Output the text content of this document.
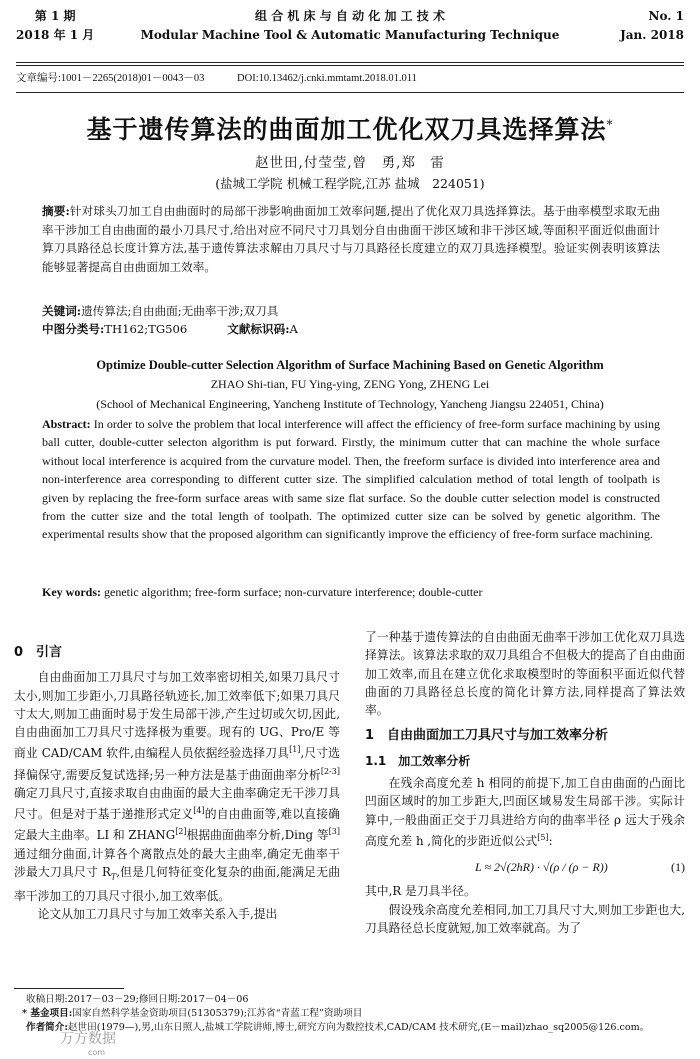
第 1 期
2018 年 1 月
组 合 机 床 与 自 动 化 加 工 技 术
Modular Machine Tool & Automatic Manufacturing Technique
No. 1
Jan. 2018
文章编号:1001－2265(2018)01－0043－03	DOI:10.13462/j.cnki.mmtamt.2018.01.011
基于遗传算法的曲面加工优化双刀具选择算法*
赵世田,付莹莹,曾　勇,郑　雷
(盐城工学院 机械工程学院,江苏 盐城　224051)
摘要:针对球头刀加工自由曲面时的局部干涉影响曲面加工效率问题,提出了优化双刀具选择算法。基于曲率模型求取无曲率干涉加工自由曲面的最小刀具尺寸,给出对应不同尺寸刀具划分自由曲面干涉区域和非干涉区域,等面积平面近似曲面计算刀具路径总长度计算方法,基于遗传算法求解由刀具尺寸与刀具路径长度建立的双刀具选择模型。验证实例表明该算法能够显著提高自由曲面加工效率。
关键词:遗传算法;自由曲面;无曲率干涉;双刀具
中图分类号:TH162;TG506	文献标识码:A
Optimize Double-cutter Selection Algorithm of Surface Machining Based on Genetic Algorithm
ZHAO Shi-tian, FU Ying-ying, ZENG Yong, ZHENG Lei
(School of Mechanical Engineering, Yancheng Institute of Technology, Yancheng Jiangsu 224051, China)
Abstract: In order to solve the problem that local interference will affect the efficiency of free-form surface machining by using ball cutter, double-cutter selecton algorithm is put forward. Firstly, the minimum cutter that can machine the whole surface without local interference is acquired from the curvature model. Then, the freeform surface is divided into interference area and non-interference area corresponding to different cutter size. The simplified calculation method of total length of toolpath is given by replacing the free-form surface areas with same size flat surface. So the double cutter selection model is constructed from the cutter size and the total length of toolpath. The optimized cutter size can be solved by genetic algorithm. The experimental results show that the proposed algorithm can significantly improve the efficiency of free-form surface machining.
Key words: genetic algorithm; free-form surface; non-curvature interference; double-cutter
0　引言

自由曲面加工刀具尺寸与加工效率密切相关,如果刀具尺寸太小,则加工步距小,刀具路径轨迹长,加工效率低下;如果刀具尺寸太大,则加工曲面时易于发生局部干涉,产生过切或欠切,因此,自由曲面加工刀具尺寸选择极为重要。现有的 UG、Pro/E 等商业 CAD/CAM 软件,由编程人员依据经验选择刀具[1],尺寸选择偏保守,需要反复试选择;另一种方法是基于曲面曲率分析[2-3]确定刀具尺寸,直接求取自由曲面的最大主曲率确定无干涉刀具尺寸。但是对于基于递推形式定义[4]的自由曲面等,难以直接确定最大主曲率。LI 和 ZHANG[2]根据曲面曲率分析,Ding 等[3]通过细分曲面,计算各个离散点处的最大主曲率,确定无曲率干涉最大刀具尺寸 $R_T$,但是几何特征变化复杂的曲面,能满足无曲率干涉加工的刀具尺寸很小,加工效率低。

论文从加工刀具尺寸与加工效率关系入手,提出

了一种基于遗传算法的自由曲面无曲率干涉加工优化双刀具选择算法。该算法求取的双刀具组合不但极大的提高了自由曲面加工效率,而且在建立优化求取模型时的等面积平面近似代替曲面的刀具路径总长度的简化计算方法,同样提高了算法效率。

1　自由曲面加工刀具尺寸与加工效率分析
1.1　加工效率分析

在残余高度允差 h 相同的前提下,加工自由曲面的凸面比凹面区域时的加工步距大,凹面区域易发生局部干涉。实际计算中,一般曲面正交于刀具进给方向的曲率半径 ρ 远大于残余高度允差 h ,简化的步距近似公式[5]:

L ≈ 2√(2hR) · √(ρ / (ρ − R))	(1)

其中,R 是刀具半径。

假设残余高度允差相同,加工刀具尺寸大,则加工步距也大,刀具路径总长度就短,加工效率就高。为了

收稿日期:2017－03－29;修回日期:2017－04－06
* 基金项目:国家自然科学基金资助项目(51305379);江苏省“青蓝工程”资助项目
作者简介:赵世田(1979—),男,山东日照人,盐城工学院讲师,博士,研究方向为数控技术,CAD/CAM 技术研究,(E－mail)zhao_sq2005@126.com。
万方数据
com
